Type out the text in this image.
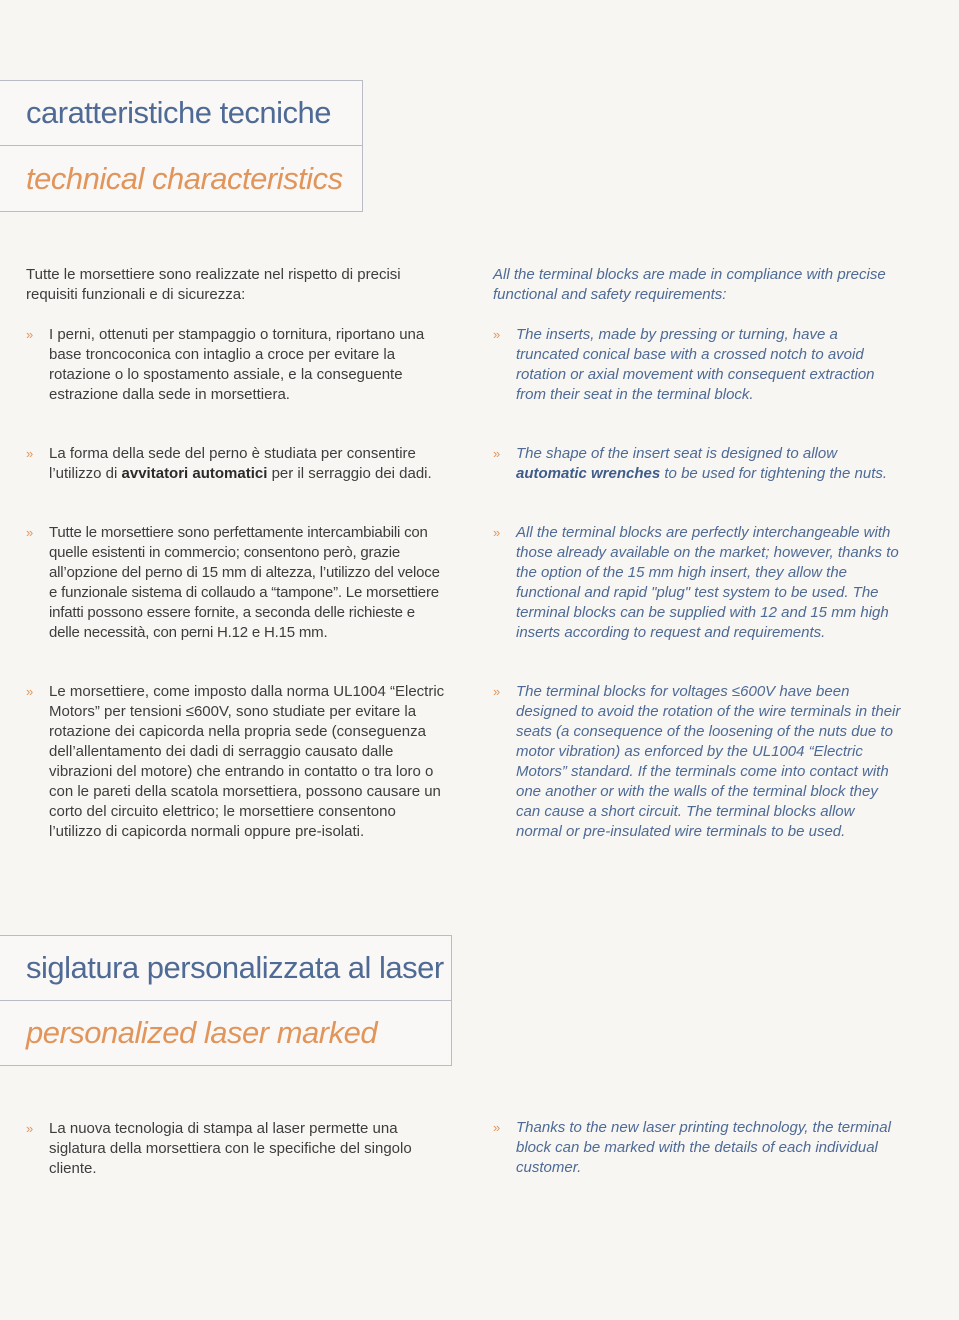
caratteristiche tecniche
technical characteristics

Tutte le morsettiere sono realizzate nel rispetto di precisi requisiti funzionali e di sicurezza:

» I perni, ottenuti per stampaggio o tornitura, riportano una base troncoconica con intaglio a croce per evitare la rotazione o lo spostamento assiale, e la conseguente estrazione dalla sede in morsettiera.

» La forma della sede del perno è studiata per consentire l’utilizzo di avvitatori automatici per il serraggio dei dadi.

» Tutte le morsettiere sono perfettamente intercambiabili con quelle esistenti in commercio; consentono però, grazie all’opzione del perno di 15 mm di altezza, l’utilizzo del veloce e funzionale sistema di collaudo a “tampone”. Le morsettiere infatti possono essere fornite, a seconda delle richieste e delle necessità, con perni H.12 e H.15 mm.

» Le morsettiere, come imposto dalla norma UL1004 “Electric Motors” per tensioni ≤600V, sono studiate per evitare la rotazione dei capicorda nella propria sede (conseguenza dell’allentamento dei dadi di serraggio causato dalle vibrazioni del motore) che entrando in contatto o tra loro o con le pareti della scatola morsettiera, possono causare un corto del circuito elettrico; le morsettiere consentono l’utilizzo di capicorda normali oppure pre-isolati.

All the terminal blocks are made in compliance with precise functional and safety requirements:

» The inserts, made by pressing or turning, have a truncated conical base with a crossed notch to avoid rotation or axial movement with consequent extraction from their seat in the terminal block.

» The shape of the insert seat is designed to allow automatic wrenches to be used for tightening the nuts.

» All the terminal blocks are perfectly interchangeable with those already available on the market; however, thanks to the option of the 15 mm high insert, they allow the functional and rapid "plug" test system to be used. The terminal blocks can be supplied with 12 and 15 mm high inserts according to request and requirements.

» The terminal blocks for voltages ≤600V have been designed to avoid the rotation of the wire terminals in their seats (a consequence of the loosening of the nuts due to motor vibration) as enforced by the UL1004 “Electric Motors” standard. If the terminals come into contact with one another or with the walls of the terminal block they can cause a short circuit. The terminal blocks allow normal or pre-insulated wire terminals to be used.

siglatura personalizzata al laser
personalized laser marked
» La nuova tecnologia di stampa al laser permette una siglatura della morsettiera con le specifiche del singolo cliente.

» Thanks to the new laser printing technology, the terminal block can be marked with the details of each individual customer.
